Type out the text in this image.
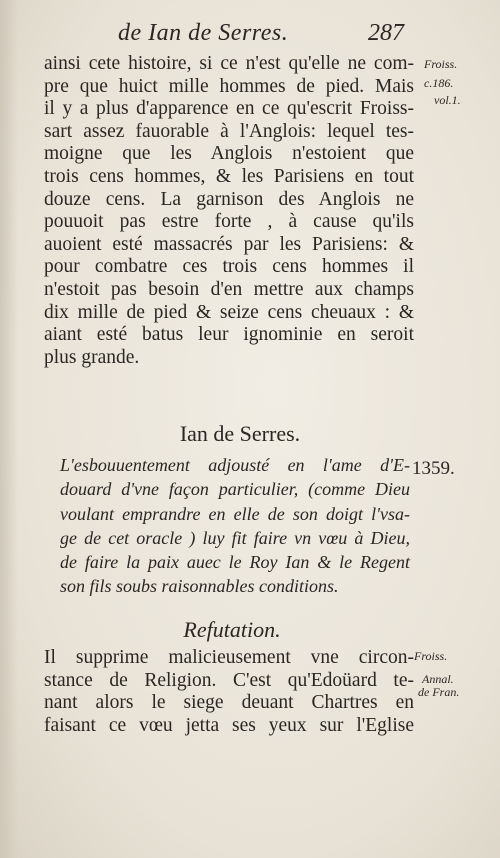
de Ian de Serres.	287
Froiss.
c.186.
vol.1.
ainsi cete histoire, si ce n'est qu'elle ne com-
pre que huict mille hommes de pied. Mais
il y a plus d'apparence en ce qu'escrit Froiss-
sart assez fauorable à l'Anglois: lequel tes-
moigne que les Anglois n'estoient que
trois cens hommes, & les Parisiens en tout
douze cens. La garnison des Anglois ne
pouuoit pas estre forte , à cause qu'ils
auoient esté massacrés par les Parisiens: &
pour combatre ces trois cens hommes il
n'estoit pas besoin d'en mettre aux champs
dix mille de pied & seize cens cheuaux : &
aiant esté batus leur ignominie en seroit
plus grande.
Ian de Serres.
1359.
L'esbouuentement adjousté en l'ame d'E-
douard d'vne façon particulier, (comme Dieu
voulant emprandre en elle de son doigt l'vsa-
ge de cet oracle ) luy fit faire vn vœu à Dieu,
de faire la paix auec le Roy Ian & le Regent
son fils soubs raisonnables conditions.
Refutation.
Froiss.
Annal.
de Fran.
Il supprime malicieusement vne circon-
stance de Religion. C'est qu'Edoüard te-
nant alors le siege deuant Chartres en
faisant ce vœu jetta ses yeux sur l'Eglise
